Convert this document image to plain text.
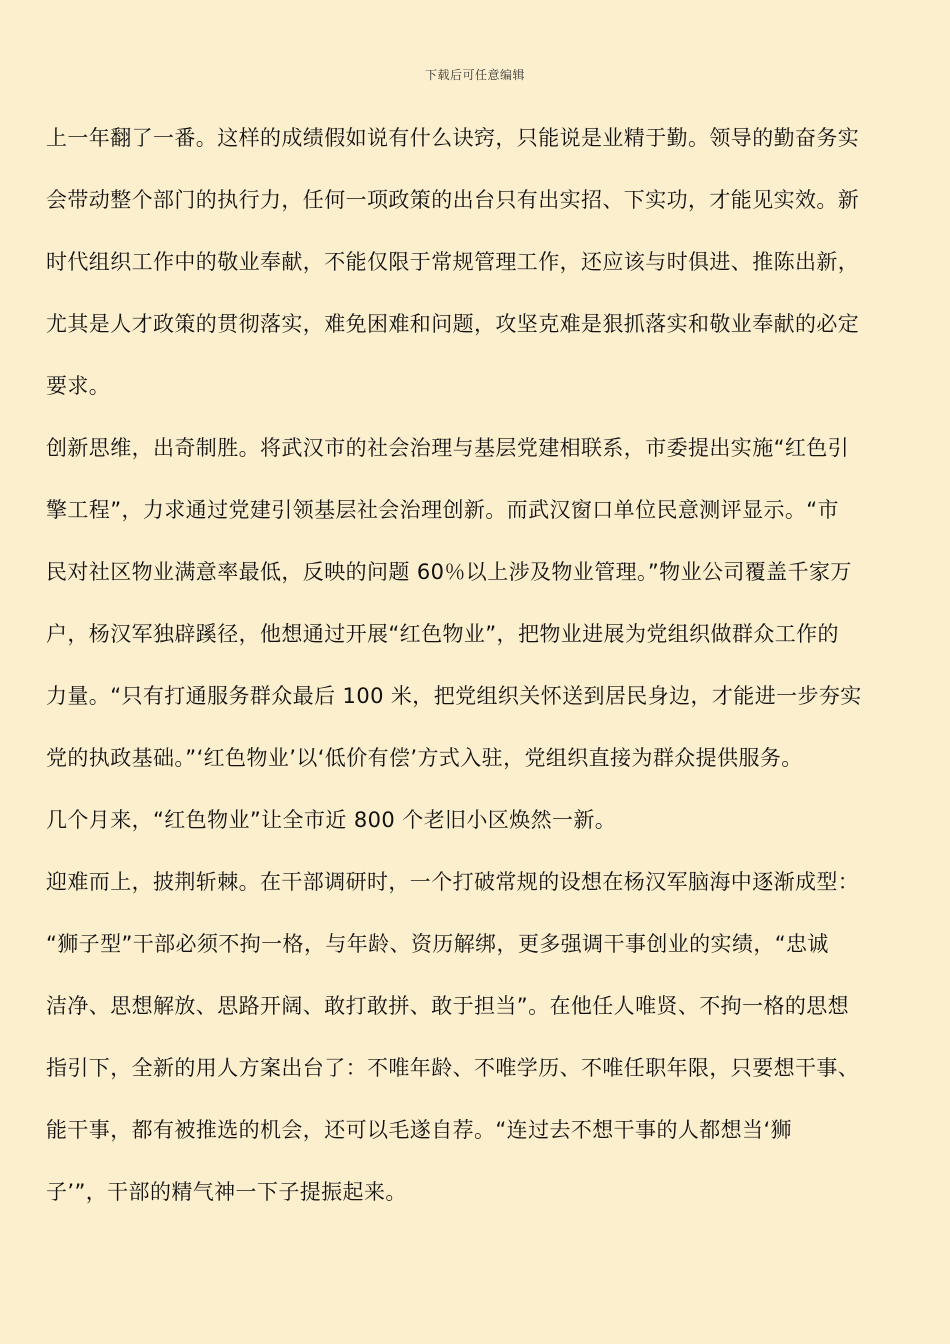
下载后可任意编辑
上一年翻了一番。这样的成绩假如说有什么诀窍，只能说是业精于勤。领导的勤奋务实
会带动整个部门的执行力，任何一项政策的出台只有出实招、下实功，才能见实效。新
时代组织工作中的敬业奉献，不能仅限于常规管理工作，还应该与时俱进、推陈出新，
尤其是人才政策的贯彻落实，难免困难和问题，攻坚克难是狠抓落实和敬业奉献的必定
要求。
创新思维，出奇制胜。将武汉市的社会治理与基层党建相联系，市委提出实施“红色引
擎工程”，力求通过党建引领基层社会治理创新。而武汉窗口单位民意测评显示。“市
民对社区物业满意率最低，反映的问题 60％以上涉及物业管理。”物业公司覆盖千家万
户，杨汉军独辟蹊径，他想通过开展“红色物业”，把物业进展为党组织做群众工作的
力量。“只有打通服务群众最后 100 米，把党组织关怀送到居民身边，才能进一步夯实
党的执政基础。”‘红色物业’以‘低价有偿’方式入驻，党组织直接为群众提供服务。
几个月来，“红色物业”让全市近 800 个老旧小区焕然一新。
迎难而上，披荆斩棘。在干部调研时，一个打破常规的设想在杨汉军脑海中逐渐成型：
“狮子型”干部必须不拘一格，与年龄、资历解绑，更多强调干事创业的实绩，“忠诚
洁净、思想解放、思路开阔、敢打敢拼、敢于担当”。在他任人唯贤、不拘一格的思想
指引下，全新的用人方案出台了：不唯年龄、不唯学历、不唯任职年限，只要想干事、
能干事，都有被推选的机会，还可以毛遂自荐。“连过去不想干事的人都想当‘狮
子’”，干部的精气神一下子提振起来。
